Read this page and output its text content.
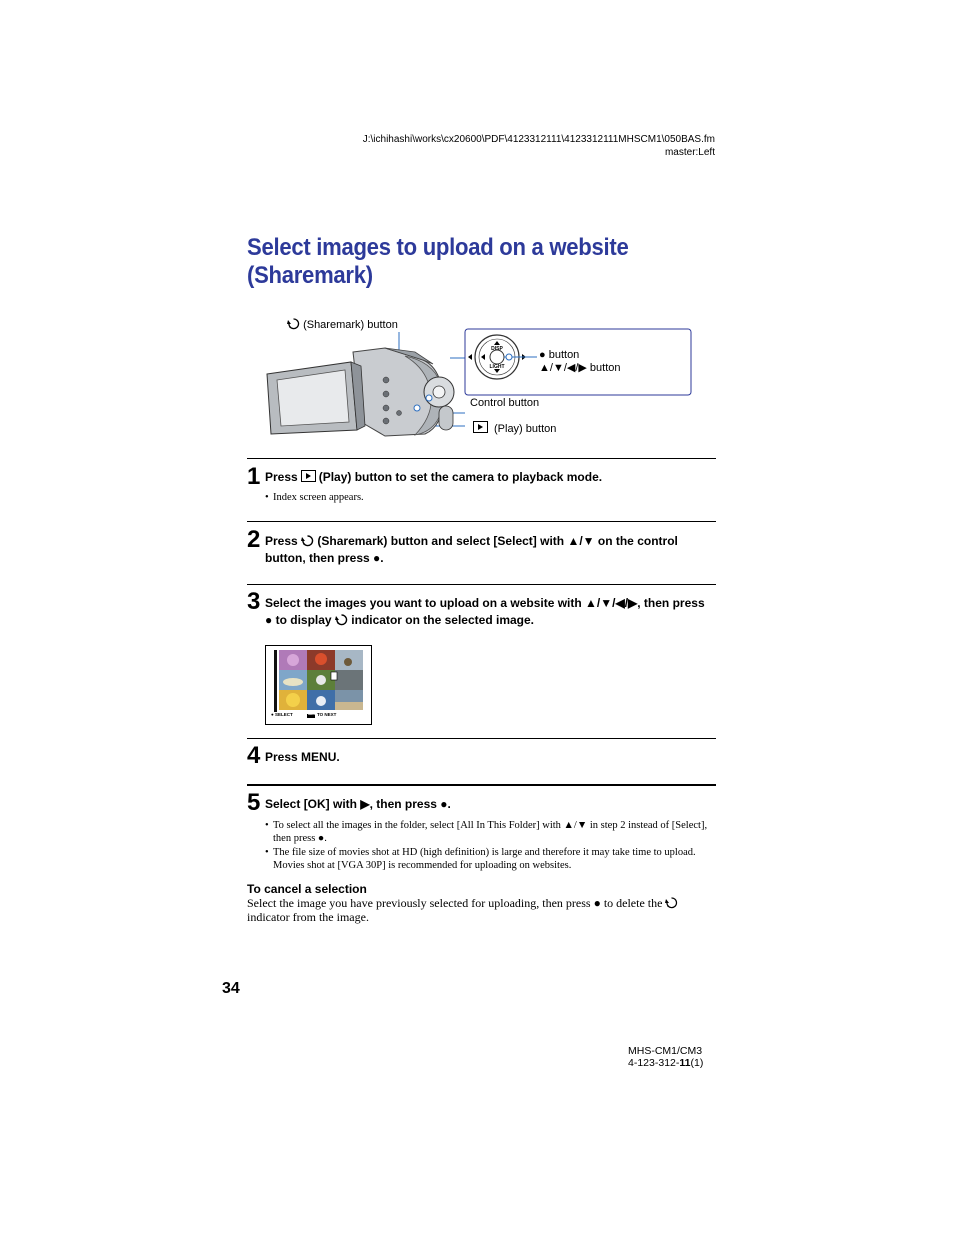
J:\ichihashi\works\cx20600\PDF\4123312111\4123312111MHSCM1\050BAS.fm
master:Left
Select images to upload on a website
(Sharemark)
DISP
LIGHT
(Sharemark) button
● button
▲/▼/◀/▶ button
Control button
(Play) button
1 Press (Play) button to set the camera to playback mode.
• Index screen appears.
2 Press (Sharemark) button and select [Select] with ▲/▼ on the control button, then press ●.
3 Select the images you want to upload on a website with ▲/▼/◀/▶, then press ● to display indicator on the selected image.
● SELECT	MENU TO NEXT
4 Press MENU.
5 Select [OK] with ▶, then press ●.
• To select all the images in the folder, select [All In This Folder] with ▲/▼ in step 2 instead of [Select], then press ●.
• The file size of movies shot at HD (high definition) is large and therefore it may take time to upload. Movies shot at [VGA 30P] is recommended for uploading on websites.
To cancel a selection
Select the image you have previously selected for uploading, then press ● to delete the  indicator from the image.
34
MHS-CM1/CM3
4-123-312-11(1)
